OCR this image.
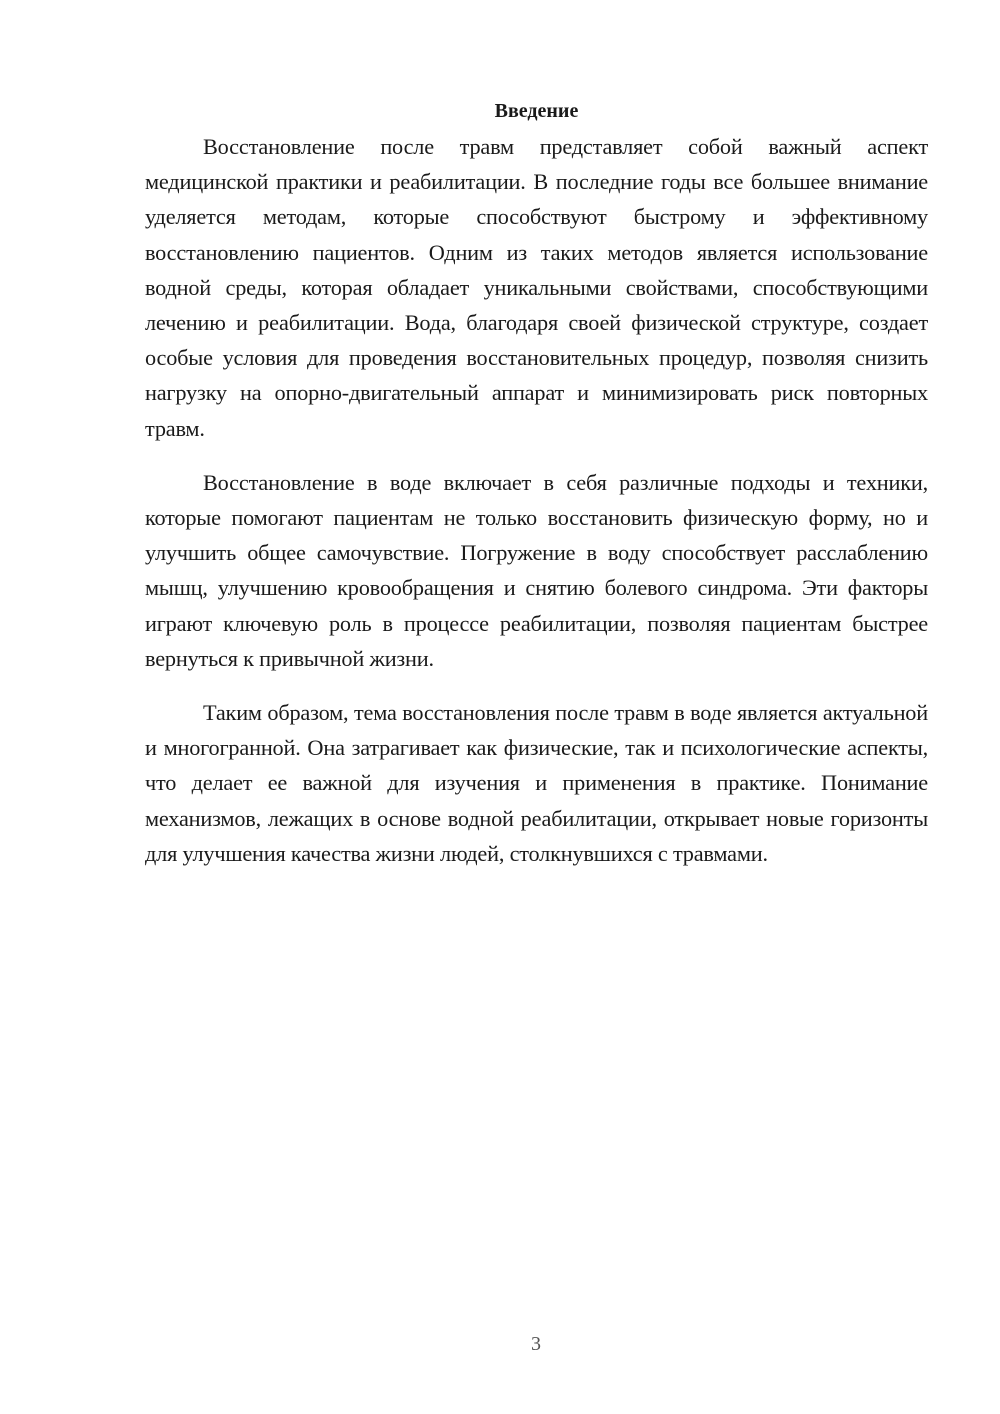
Введение

Восстановление после травм представляет собой важный аспект медицинской практики и реабилитации. В последние годы все большее внимание уделяется методам, которые способствуют быстрому и эффективному восстановлению пациентов. Одним из таких методов является использование водной среды, которая обладает уникальными свойствами, способствующими лечению и реабилитации. Вода, благодаря своей физической структуре, создает особые условия для проведения восстановительных процедур, позволяя снизить нагрузку на опорно-двигательный аппарат и минимизировать риск повторных травм.

Восстановление в воде включает в себя различные подходы и техники, которые помогают пациентам не только восстановить физическую форму, но и улучшить общее самочувствие. Погружение в воду способствует расслаблению мышц, улучшению кровообращения и снятию болевого синдрома. Эти факторы играют ключевую роль в процессе реабилитации, позволяя пациентам быстрее вернуться к привычной жизни.

Таким образом, тема восстановления после травм в воде является актуальной и многогранной. Она затрагивает как физические, так и психологические аспекты, что делает ее важной для изучения и применения в практике. Понимание механизмов, лежащих в основе водной реабилитации, открывает новые горизонты для улучшения качества жизни людей, столкнувшихся с травмами.

3
